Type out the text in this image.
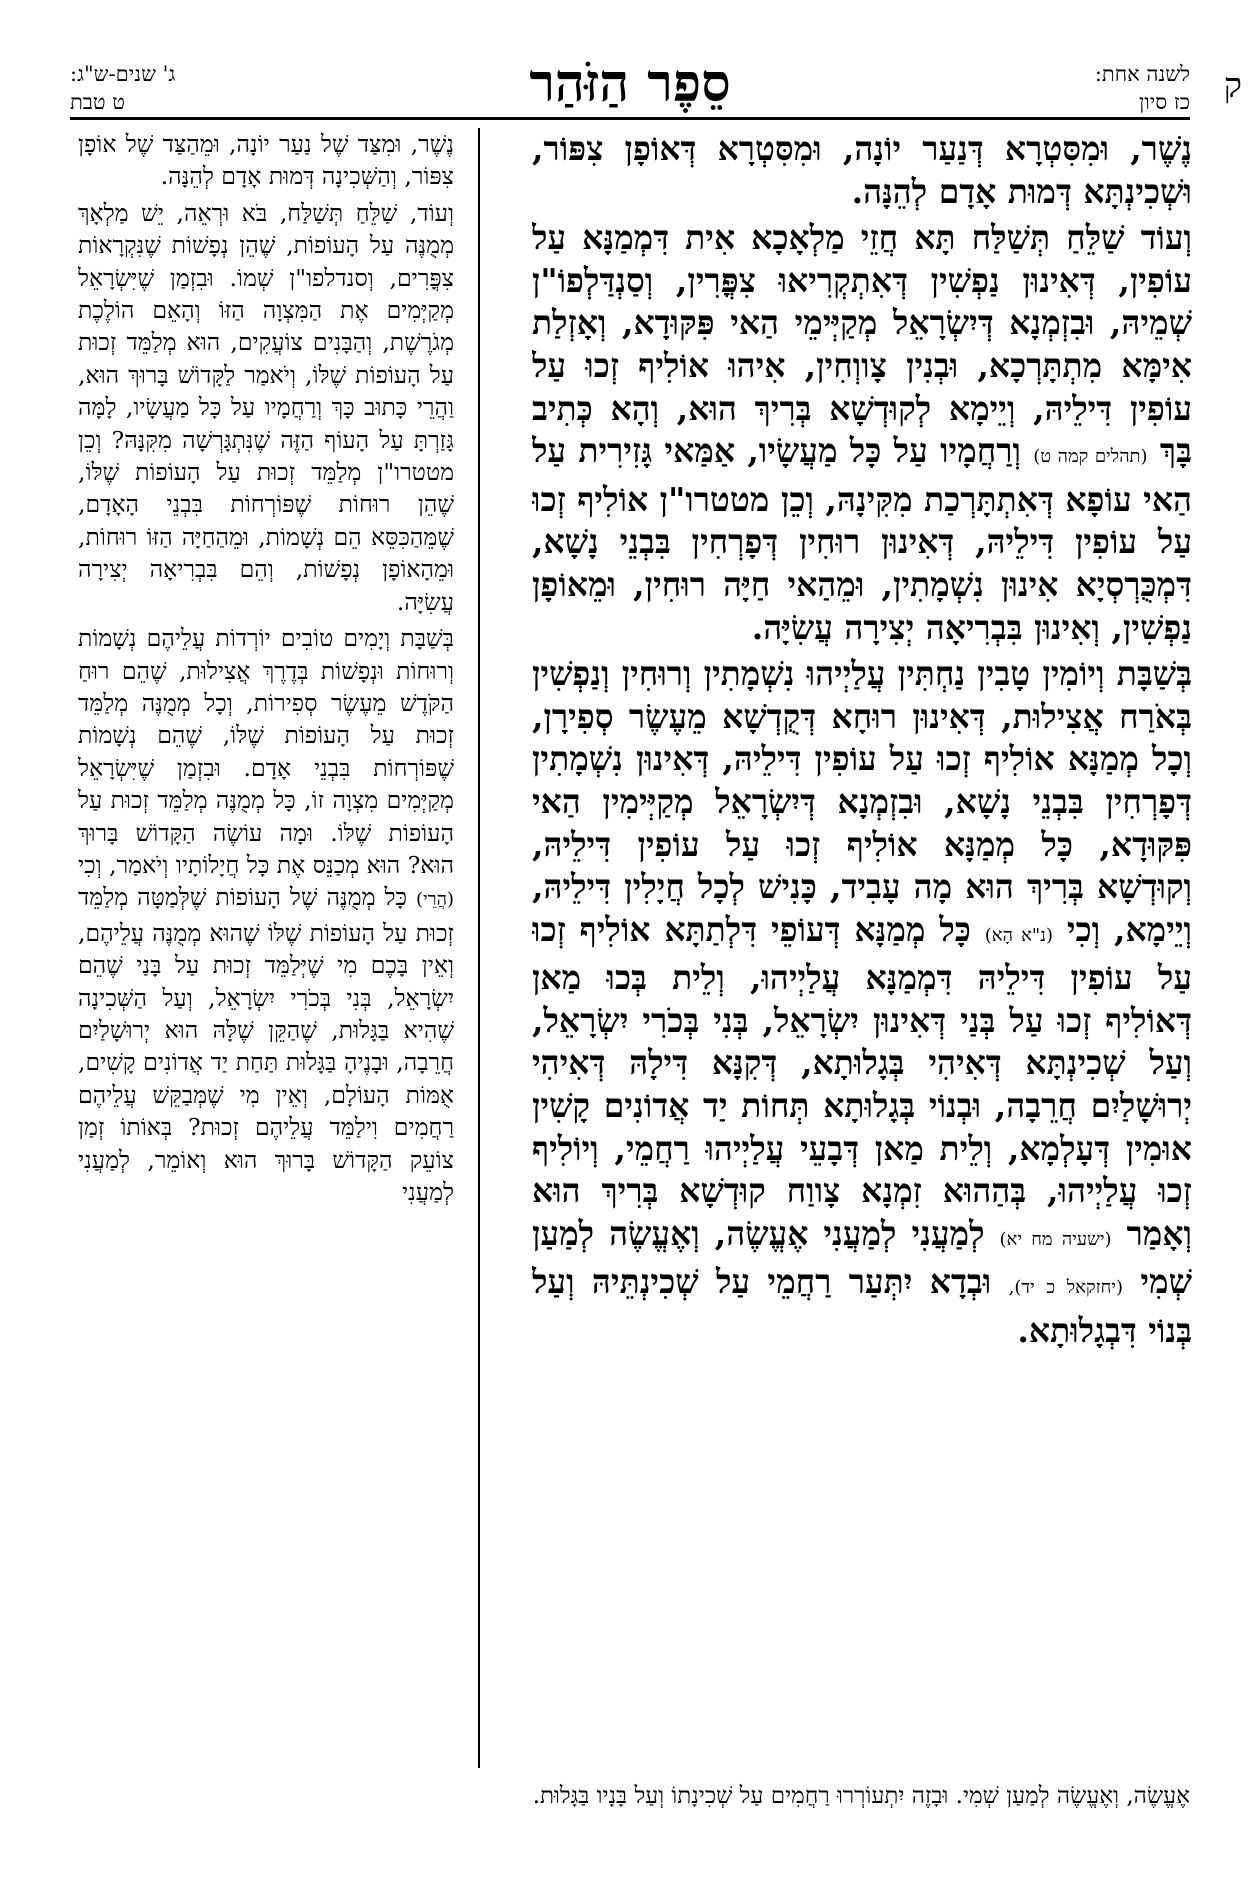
ק
לשנה אחת:
כז סיון
סֵפֶר הַזֹּהַר
ג' שנים-ש"ג:
ט טבת

נֶשֶׁר, וּמִסִּטְרָא דְּנַעַר יוֹנָה, וּמִסִּטְרָא דְּאוֹפָן צִפּוֹר, וּשְׁכִינְתָּא דְּמוּת אָדָם לְהֵנָּה.

וְעוֹד שַׁלֵּחַ תְּשַׁלַּח תָּא חֲזֵי מַלְאָכָא אִית דִּמְמַנָּא עַל עוֹפִין, דְּאִינוּן נַפְשִׁין דְּאִתְקְרִיאוּ צִפֳּרִין, וְסַנְדַּלְפוֹ"ן שְׁמֵיהּ, וּבִזְמְנָא דְּיִשְׂרָאֵל מְקַיְּימֵי הַאי פִּקּוּדָא, וְאָזְלַת אִימָּא מִתְתָּרְכָא, וּבְנִין צָווְחִין, אִיהוּ אוֹלִיף זְכוּ עַל עוֹפִין דִּילֵיהּ, וְיֵימָא לְקוּדְשָׁא בְּרִיךְ הוּא, וְהָא כְּתִיב בָּךְ (תהלים קמה ט) וְרַחֲמָיו עַל כָּל מַעֲשָׂיו, אַמַּאי גָּזִירִית עַל הַאי עוֹפָא דְּאִתְתָּרְכַת מִקִּינָהּ, וְכֵן מטטרו"ן אוֹלִיף זְכוּ עַל עוֹפִין דִּילֵיהּ, דְּאִינוּן רוּחִין דְּפָרְחִין בִּבְנֵי נָשָׁא, דִּמְכֻּרְסְיָא אִינוּן נִשְׁמָתִין, וּמֵהַאי חַיָּה רוּחִין, וּמֵאוֹפָן נַפְשִׁין, וְאִינוּן בִּבְרִיאָה יְצִירָה עֲשִׂיָּה.

בְּשַׁבָּת וְיוֹמִין טָבִין נַחְתִּין עֲלַיְיהוּ נִשְׁמָתִין וְרוּחִין וְנַפְשִׁין בְּאֹרַח אֲצִילוּת, דְּאִינוּן רוּחָא דְּקֻדְשָׁא מֵעֶשֶׂר סְפִירָן, וְכָל מְמַנָּא אוֹלִיף זְכוּ עַל עוֹפִין דִּילֵיהּ, דְּאִינוּן נִשְׁמָתִין דְּפָרְחִין בִּבְנֵי נָשָׁא, וּבִזְמְנָא דְּיִשְׂרָאֵל מְקַיְּימִין הַאי פִּקּוּדָא, כָּל מְמַנָּא אוֹלִיף זְכוּ עַל עוֹפִין דִּילֵיהּ, וְקוּדְשָׁא בְּרִיךְ הוּא מָה עָבִיד, כָּנִישׁ לְכָל חֲיָלִין דִּילֵיהּ, וְיֵימָא, וְכִי (נ"א הָא) כָּל מְמַנָּא דְּעוֹפֵי דִּלְתַתָּא אוֹלִיף זְכוּ עַל עוֹפִין דִּילֵיהּ דִּמְמַנָּא עֲלַיְיהוּ, וְלֵית בְּכוּ מַאן דְּאוֹלִיף זְכוּ עַל בְּנַי דְּאִינוּן יִשְׂרָאֵל, בְּנִי בְּכֹרִי יִשְׂרָאֵל, וְעַל שְׁכִינְתָּא דְּאִיהִי בְּגָלוּתָא, דְּקִנָּא דִּילָהּ דְּאִיהִי יְרוּשָׁלַיִם חֲרֵבָה, וּבְנוֹי בְּגָלוּתָא תְּחוֹת יַד אֲדוֹנִים קָשִׁין אוּמִין דְּעָלְמָא, וְלֵית מַאן דְּבָעֵי עֲלַיְיהוּ רַחֲמֵי, וְיוֹלִיף זְכוּ עֲלַיְיהוּ, בְּהַהוּא זִמְנָא צָווַח קוּדְשָׁא בְּרִיךְ הוּא וְאָמַר (ישעיה מח יא) לְמַעֲנִי לְמַעֲנִי אֶעֱשֶׂה, וְאֶעֱשֶׂה לְמַעַן שְׁמִי (יחזקאל כ יד), וּבְדָא יִתְּעַר רַחֲמֵי עַל שְׁכִינְתֵּיהּ וְעַל בְּנוֹי דִּבְגָלוּתָא.

נֶשֶׁר, וּמִצַּד שֶׁל נַעַר יוֹנָה, וּמֵהַצַּד שֶׁל אוֹפָן צִפּוֹר, וְהַשְּׁכִינָה דְּמוּת אָדָם לְהֵנָּה.

וְעוֹד, שַׁלֵּחַ תְּשַׁלַּח, בֹּא וּרְאֵה, יֵשׁ מַלְאָךְ מְמֻנֶּה עַל הָעוֹפוֹת, שֶׁהֵן נְפָשׁוֹת שֶׁנִּקְרָאוֹת צִפֳּרִים, וְסנדלפו"ן שְׁמוֹ. וּבִזְמַן שֶׁיִּשְׂרָאֵל מְקַיְּמִים אֶת הַמִּצְוָה הַזּוֹ וְהָאֵם הוֹלֶכֶת מְגֹרֶשֶׁת, וְהַבָּנִים צוֹעֲקִים, הוּא מְלַמֵּד זְכוּת עַל הָעוֹפוֹת שֶׁלּוֹ, וְיֹאמַר לַקָּדוֹשׁ בָּרוּךְ הוּא, וַהֲרֵי כָּתוּב כָּךְ וְרַחֲמָיו עַל כָּל מַעֲשָׂיו, לָמָּה גָּזַרְתָּ עַל הָעוֹף הַזֶּה שֶׁנִּתְגָּרְשָׁה מִקִּנָּהּ? וְכֵן מטטרו"ן מְלַמֵּד זְכוּת עַל הָעוֹפוֹת שֶׁלּוֹ, שֶׁהֵן רוּחוֹת שֶׁפּוֹרְחוֹת בִּבְנֵי הָאָדָם, שֶׁמֵּהַכִּסֵּא הֵם נְשָׁמוֹת, וּמֵהַחַיָּה הַזּוֹ רוּחוֹת, וּמֵהָאוֹפָן נְפָשׁוֹת, וְהֵם בִּבְרִיאָה יְצִירָה עֲשִׂיָּה.

בְּשַׁבָּת וְיָמִים טוֹבִים יוֹרְדוֹת עֲלֵיהֶם נְשָׁמוֹת וְרוּחוֹת וּנְפָשׁוֹת בְּדֶרֶךְ אֲצִילוּת, שֶׁהֵם רוּחַ הַקֹּדֶשׁ מֵעֶשֶׂר סְפִירוֹת, וְכָל מְמֻנֶּה מְלַמֵּד זְכוּת עַל הָעוֹפוֹת שֶׁלּוֹ, שֶׁהֵם נְשָׁמוֹת שֶׁפּוֹרְחוֹת בִּבְנֵי אָדָם. וּבִזְמַן שֶׁיִּשְׂרָאֵל מְקַיְּמִים מִצְוָה זוֹ, כָּל מְמֻנֶּה מְלַמֵּד זְכוּת עַל הָעוֹפוֹת שֶׁלּוֹ. וּמָה עוֹשֶׂה הַקָּדוֹשׁ בָּרוּךְ הוּא? הוּא מְכַנֵּס אֶת כָּל חֲיָלוֹתָיו וְיֹאמַר, וְכִי (הֲרֵי) כָּל מְמֻנֶּה שֶׁל הָעוֹפוֹת שֶׁלְּמַטָּה מְלַמֵּד זְכוּת עַל הָעוֹפוֹת שֶׁלּוֹ שֶׁהוּא מְמֻנֶּה עֲלֵיהֶם, וְאֵין בָּכֶם מִי שֶׁיְּלַמֵּד זְכוּת עַל בָּנַי שֶׁהֵם יִשְׂרָאֵל, בְּנִי בְּכֹרִי יִשְׂרָאֵל, וְעַל הַשְּׁכִינָה שֶׁהִיא בַּגָּלוּת, שֶׁהַקֵּן שֶׁלָּהּ הוּא יְרוּשָׁלַיִם חֲרֵבָה, וּבָנֶיהָ בַּגָּלוּת תַּחַת יַד אֲדוֹנִים קָשִׁים, אֻמּוֹת הָעוֹלָם, וְאֵין מִי שֶׁמְּבַקֵּשׁ עֲלֵיהֶם רַחֲמִים וִילַמֵּד עֲלֵיהֶם זְכוּת? בְּאוֹתוֹ זְמַן צוֹעֵק הַקָּדוֹשׁ בָּרוּךְ הוּא וְאוֹמֵר, לְמַעֲנִי לְמַעֲנִי

אֶעֱשֶׂה, וְאֶעֱשֶׂה לְמַעַן שְׁמִי. וּבָזֶה יִתְעוֹרְרוּ רַחֲמִים עַל שְׁכִינָתוֹ וְעַל בָּנָיו בַּגָּלוּת.
